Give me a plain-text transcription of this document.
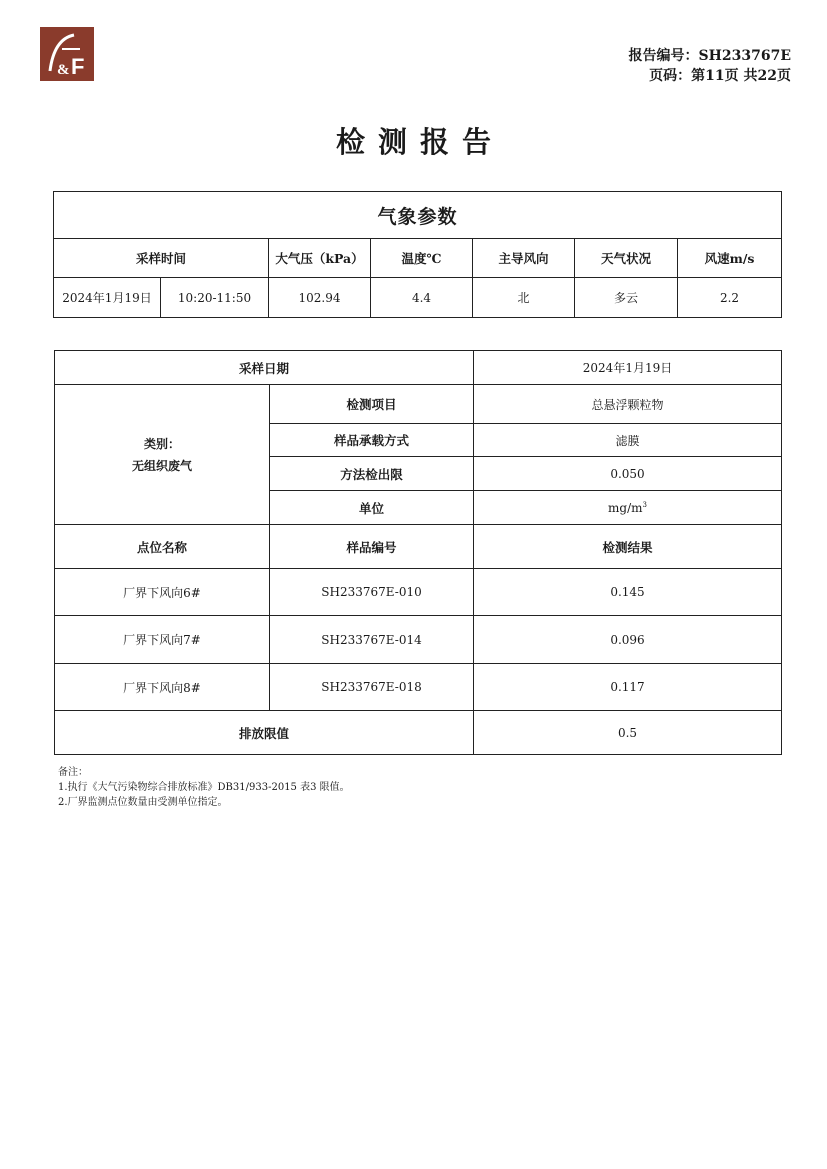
& F	报告编号：SH233767E
页码：第11页 共22页
检测报告
气象参数						
采样时间		大气压（kPa）	温度℃	主导风向	天气状况	风速m/s
2024年1月19日	10:20-11:50	102.94	4.4	北	多云	2.2
采样日期		2024年1月19日

类别：
无组织废气	检测项目	总悬浮颗粒物
	样品承载方式	滤膜
	方法检出限	0.050
	单位	$mg/m^3$
点位名称	样品编号	检测结果
厂界下风向6#	SH233767E-010	0.145
厂界下风向7#	SH233767E-014	0.096
厂界下风向8#	SH233767E-018	0.117
排放限值		0.5
备注：
1.执行《大气污染物综合排放标准》DB31/933-2015 表3 限值。
2.厂界监测点位数量由受测单位指定。
